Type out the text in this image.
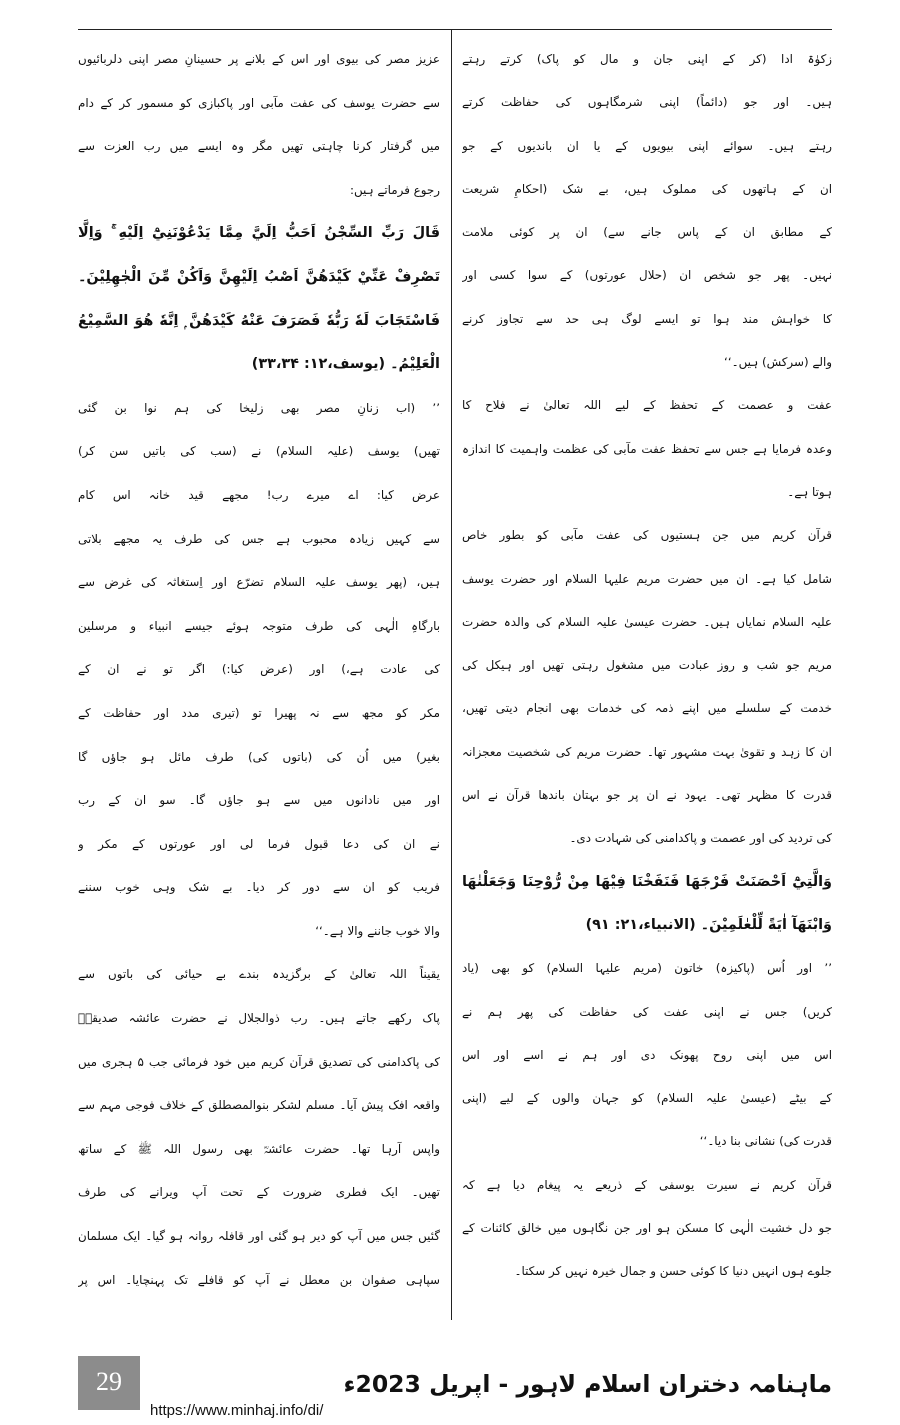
زکوٰۃ ادا (کر کے اپنی جان و مال کو پاک) کرتے رہتے
ہیں۔ اور جو (دائماً) اپنی شرمگاہوں کی حفاظت کرتے
رہتے ہیں۔ سوائے اپنی بیویوں کے یا ان باندیوں کے جو
ان کے ہاتھوں کی مملوک ہیں، بے شک (احکامِ شریعت
کے مطابق ان کے پاس جانے سے) ان پر کوئی ملامت
نہیں۔ پھر جو شخص ان (حلال عورتوں) کے سوا کسی اور
کا خواہش مند ہوا تو ایسے لوگ ہی حد سے تجاوز کرنے
والے (سرکش) ہیں۔‘‘
عفت و عصمت کے تحفظ کے لیے اللہ تعالیٰ نے فلاح کا
وعدہ فرمایا ہے جس سے تحفظ عفت مآبی کی عظمت واہمیت کا اندازہ
ہوتا ہے۔
قرآن کریم میں جن ہستیوں کی عفت مآبی کو بطور خاص
شامل کیا ہے۔ ان میں حضرت مریم علیہا السلام اور حضرت یوسف
علیہ السلام نمایاں ہیں۔ حضرت عیسیٰ علیہ السلام کی والدہ حضرت
مریم جو شب و روز عبادت میں مشغول رہتی تھیں اور ہیکل کی
خدمت کے سلسلے میں اپنے ذمہ کی خدمات بھی انجام دیتی تھیں،
ان کا زہد و تقویٰ بہت مشہور تھا۔ حضرت مریم کی شخصیت معجزانہ
قدرت کا مظہر تھی۔ یہود نے ان پر جو بہتان باندھا قرآن نے اس
کی تردید کی اور عصمت و پاکدامنی کی شہادت دی۔
وَالَّتِيْٓ اَحْصَنَتْ فَرْجَهَا فَنَفَخْنَا فِيْهَا مِنْ رُّوْحِنَا وَجَعَلْنٰهَا
وَابْنَهَآ اٰيَةً لِّلْعٰلَمِيْنَ۔ (الانبیاء،۲۱: ۹۱)
’’ اور اُس (پاکیزہ) خاتون (مریم علیہا السلام) کو بھی (یاد
کریں) جس نے اپنی عفت کی حفاظت کی پھر ہم نے
اس میں اپنی روح پھونک دی اور ہم نے اسے اور اس
کے بیٹے (عیسیٰ علیہ السلام) کو جہان والوں کے لیے (اپنی
قدرت کی) نشانی بنا دیا۔‘‘
قرآن کریم نے سیرت یوسفی کے ذریعے یہ پیغام دیا ہے کہ
جو دل خشیت الٰہی کا مسکن ہو اور جن نگاہوں میں خالق کائنات کے
جلوے ہوں انہیں دنیا کا کوئی حسن و جمال خیرہ نہیں کر سکتا۔
عزیز مصر کی بیوی اور اس کے بلانے پر حسینانِ مصر اپنی دلربائیوں
سے حضرت یوسف کی عفت مآبی اور پاکبازی کو مسمور کر کے دام
میں گرفتار کرنا چاہتی تھیں مگر وہ ایسے میں رب العزت سے
رجوع فرماتے ہیں:
قَالَ رَبِّ السِّجْنُ اَحَبُّ اِلَيَّ مِمَّا يَدْعُوْنَنِيْٓ اِلَيْهِ ۚ وَاِلَّا
تَصْرِفْ عَنِّيْ كَيْدَهُنَّ اَصْبُ اِلَيْهِنَّ وَاَكُنْ مِّنَ الْجٰهِلِيْنَ۔
فَاسْتَجَابَ لَهٗ رَبُّهٗ فَصَرَفَ عَنْهُ كَيْدَهُنَّ ۭ اِنَّهٗ هُوَ السَّمِيْعُ
الْعَلِيْمُ۔ (یوسف،۱۲: ۳۳،۳۴)
’’ (اب زنانِ مصر بھی زلیخا کی ہم نوا بن گئی
تھیں) یوسف (علیہ السلام) نے (سب کی باتیں سن کر)
عرض کیا: اے میرے رب! مجھے قید خانہ اس کام
سے کہیں زیادہ محبوب ہے جس کی طرف یہ مجھے بلاتی
ہیں، (پھر یوسف علیہ السلام تضرّع اور اِستغاثہ کی غرض سے
بارگاہِ الٰہی کی طرف متوجہ ہوئے جیسے انبیاء و مرسلین
کی عادت ہے،) اور (عرض کیا:) اگر تو نے ان کے
مکر کو مجھ سے نہ پھیرا تو (تیری مدد اور حفاظت کے
بغیر) میں اُن کی (باتوں کی) طرف مائل ہو جاؤں گا
اور میں نادانوں میں سے ہو جاؤں گا۔ سو ان کے رب
نے ان کی دعا قبول فرما لی اور عورتوں کے مکر و
فریب کو ان سے دور کر دیا۔ بے شک وہی خوب سننے
والا خوب جاننے والا ہے۔‘‘
یقیناً اللہ تعالیٰ کے برگزیدہ بندے بے حیائی کی باتوں سے
پاک رکھے جاتے ہیں۔ رب ذوالجلال نے حضرت عائشہ صدیقہؓ
کی پاکدامنی کی تصدیق قرآن کریم میں خود فرمائی جب ۵ ہجری میں
واقعہ افک پیش آیا۔ مسلم لشکر بنوالمصطلق کے خلاف فوجی مہم سے
واپس آرہا تھا۔ حضرت عائشہؓ بھی رسول اللہ ﷺ کے ساتھ
تھیں۔ ایک فطری ضرورت کے تحت آپ ویرانے کی طرف
گئیں جس میں آپ کو دیر ہو گئی اور قافلہ روانہ ہو گیا۔ ایک مسلمان
سپاہی صفوان بن معطل نے آپ کو قافلے تک پہنچایا۔ اس پر
29	ماہنامہ دختران اسلام لاہور - اپریل 2023ء
https://www.minhaj.info/di/
